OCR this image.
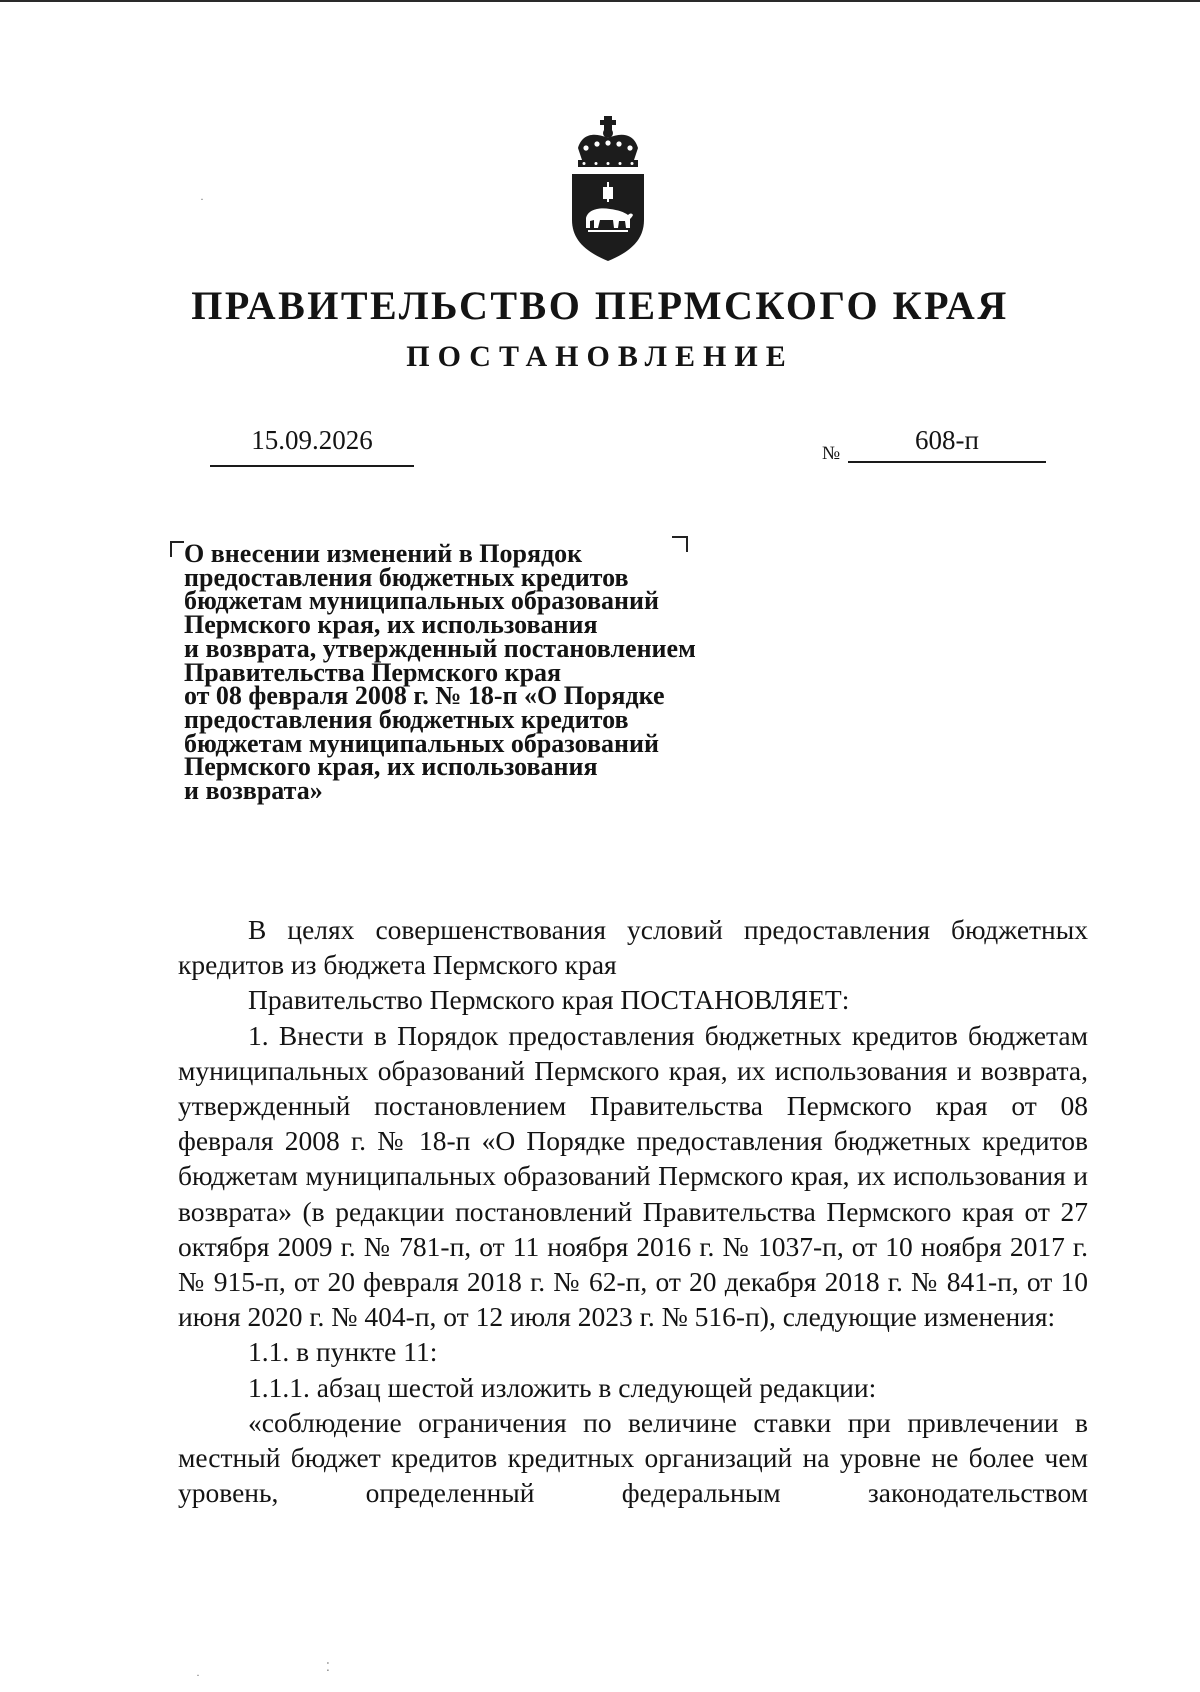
ПРАВИТЕЛЬСТВО ПЕРМСКОГО КРАЯ
ПОСТАНОВЛЕНИЕ
15.09.2026	№	608-п
О внесении изменений в Порядок
предоставления бюджетных кредитов
бюджетам муниципальных образований
Пермского края, их использования
и возврата, утвержденный постановлением
Правительства Пермского края
от 08 февраля 2008 г. № 18-п «О Порядке
предоставления бюджетных кредитов
бюджетам муниципальных образований
Пермского края, их использования
и возврата»
В целях совершенствования условий предоставления бюджетных кредитов из бюджета Пермского края
Правительство Пермского края ПОСТАНОВЛЯЕТ:
1. Внести в Порядок предоставления бюджетных кредитов бюджетам муниципальных образований Пермского края, их использования и возврата, утвержденный постановлением Правительства Пермского края от 08 февраля 2008 г. № 18-п «О Порядке предоставления бюджетных кредитов бюджетам муниципальных образований Пермского края, их использования и возврата» (в редакции постановлений Правительства Пермского края от 27 октября 2009 г. № 781-п, от 11 ноября 2016 г. № 1037-п, от 10 ноября 2017 г. № 915-п, от 20 февраля 2018 г. № 62-п, от 20 декабря 2018 г. № 841-п, от 10 июня 2020 г. № 404-п, от 12 июля 2023 г. № 516-п), следующие изменения:
1.1. в пункте 11:
1.1.1. абзац шестой изложить в следующей редакции:
«соблюдение ограничения по величине ставки при привлечении в местный бюджет кредитов кредитных организаций на уровне не более чем уровень, определенный федеральным законодательством
·
⁚
·
